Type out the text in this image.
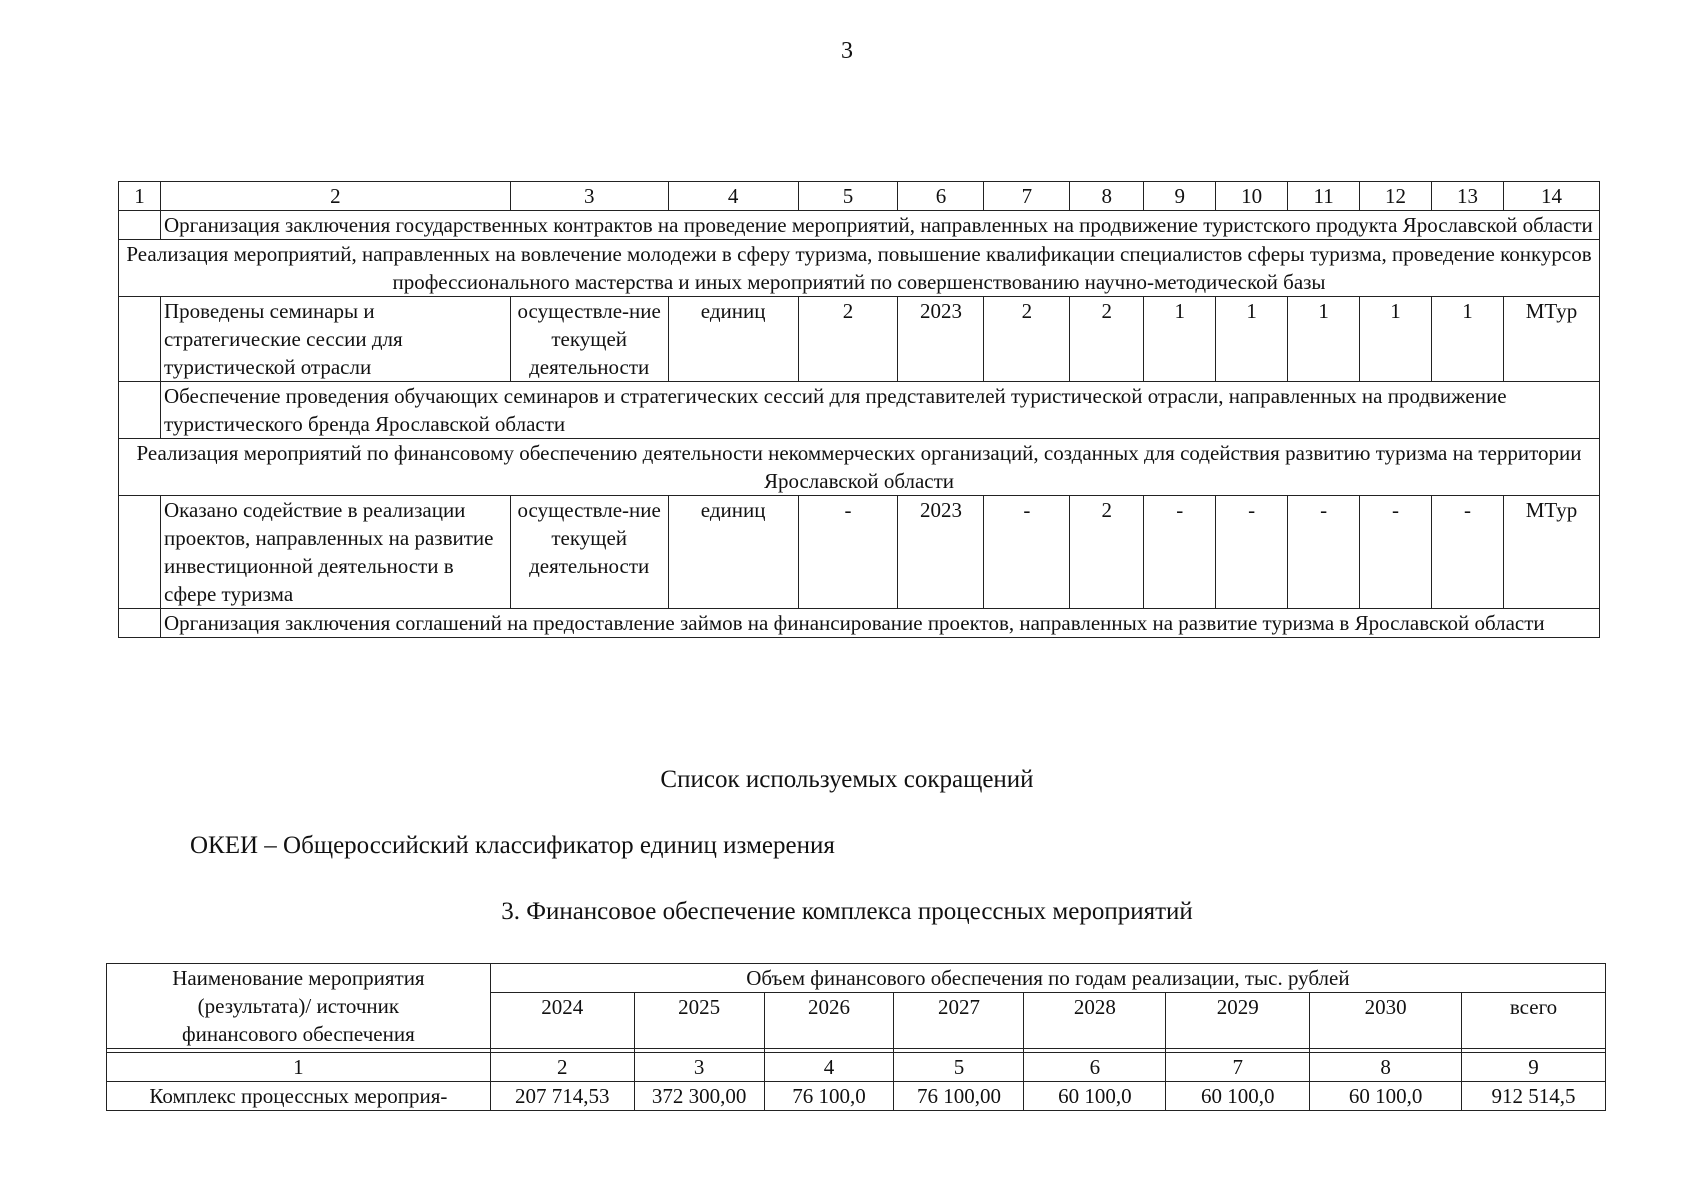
3
1	2	3	4	5	6	7	8	9	10	11	12	13	14
	Организация заключения государственных контрактов на проведение мероприятий, направленных на продвижение туристского продукта Ярославской области												
Реализация мероприятий, направленных на вовлечение молодежи в сферу туризма, повышение квалификации специалистов сферы туризма, проведение конкурсов профессионального мастерства и иных мероприятий по совершенствованию научно-методической базы													
	Проведены семинары и стратегические сессии для туристической отрасли	осуществле-ние текущей деятельности	единиц	2	2023	2	2	1	1	1	1	1	МТур
	Обеспечение проведения обучающих семинаров и стратегических сессий для представителей туристической отрасли, направленных на продвижение туристического бренда Ярославской области												
Реализация мероприятий по финансовому обеспечению деятельности некоммерческих организаций, созданных для содействия развитию туризма на территории Ярославской области													
	Оказано содействие в реализации проектов, направленных на развитие инвестиционной деятельности в сфере туризма	осуществле-ние текущей деятельности	единиц	-	2023	-	2	-	-	-	-	-	МТур
	Организация заключения соглашений на предоставление займов на финансирование проектов, направленных на развитие туризма в Ярославской области												
Список используемых сокращений
ОКЕИ – Общероссийский классификатор единиц измерения
3. Финансовое обеспечение комплекса процессных мероприятий
Наименование мероприятия (результата)/ источник финансового обеспечения	Объем финансового обеспечения по годам реализации, тыс. рублей							
	2024	2025	2026	2027	2028	2029	2030	всего

1	2	3	4	5	6	7	8	9
Комплекс процессных мероприя-	207 714,53	372 300,00	76 100,0	76 100,00	60 100,0	60 100,0	60 100,0	912 514,5
